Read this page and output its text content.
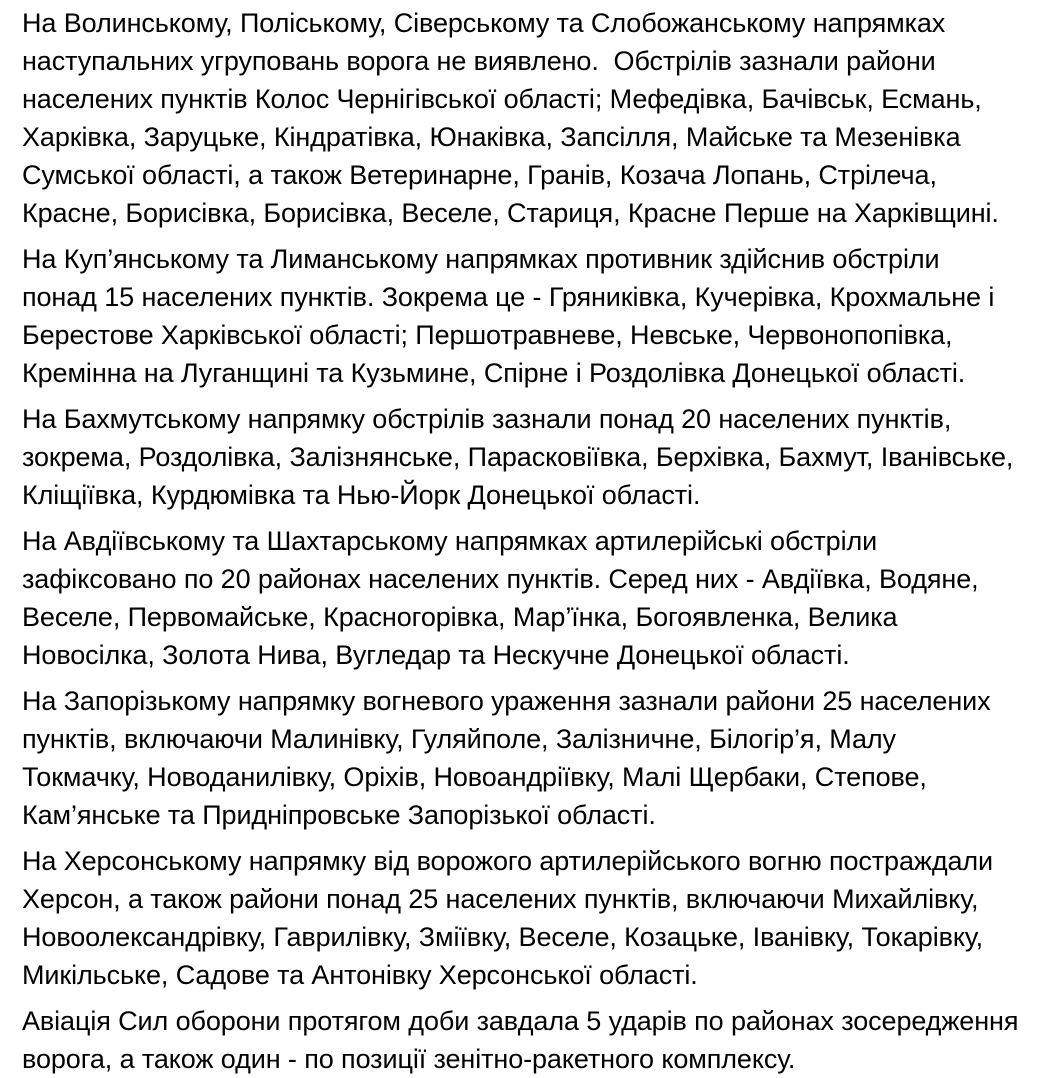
На Волинському, Поліському, Сіверському та Слобожанському напрямках наступальних угруповань ворога не виявлено.  Обстрілів зазнали райони населених пунктів Колос Чернігівської області; Мефедівка, Бачівськ, Есмань, Харківка, Заруцьке, Кіндратівка, Юнаківка, Запсілля, Майське та Мезенівка Сумської області, а також Ветеринарне, Гранів, Козача Лопань, Стрілеча, Красне, Борисівка, Борисівка, Веселе, Стариця, Красне Перше на Харківщині.

На Куп’янському та Лиманському напрямках противник здійснив обстріли понад 15 населених пунктів. Зокрема це - Гряниківка, Кучерівка, Крохмальне і Берестове Харківської області; Першотравневе, Невське, Червонопопівка, Кремінна на Луганщині та Кузьмине, Спірне і Роздолівка Донецької області.

На Бахмутському напрямку обстрілів зазнали понад 20 населених пунктів, зокрема, Роздолівка, Залізнянське, Парасковіївка, Берхівка, Бахмут, Іванівське, Кліщіївка, Курдюмівка та Нью-Йорк Донецької області.

На Авдіївському та Шахтарському напрямках артилерійські обстріли зафіксовано по 20 районах населених пунктів. Серед них - Авдіївка, Водяне, Веселе, Первомайське, Красногорівка, Мар’їнка, Богоявленка, Велика Новосілка, Золота Нива, Вугледар та Нескучне Донецької області.

На Запорізькому напрямку вогневого ураження зазнали райони 25 населених пунктів, включаючи Малинівку, Гуляйполе, Залізничне, Білогір’я, Малу Токмачку, Новоданилівку, Оріхів, Новоандріївку, Малі Щербаки, Степове, Кам’янське та Придніпровське Запорізької області.

На Херсонському напрямку від ворожого артилерійського вогню постраждали Херсон, а також райони понад 25 населених пунктів, включаючи Михайлівку, Новоолександрівку, Гаврилівку, Зміївку, Веселе, Козацьке, Іванівку, Токарівку, Микільське, Садове та Антонівку Херсонської області.

Авіація Сил оборони протягом доби завдала 5 ударів по районах зосередження ворога, а також один - по позиції зенітно-ракетного комплексу.
